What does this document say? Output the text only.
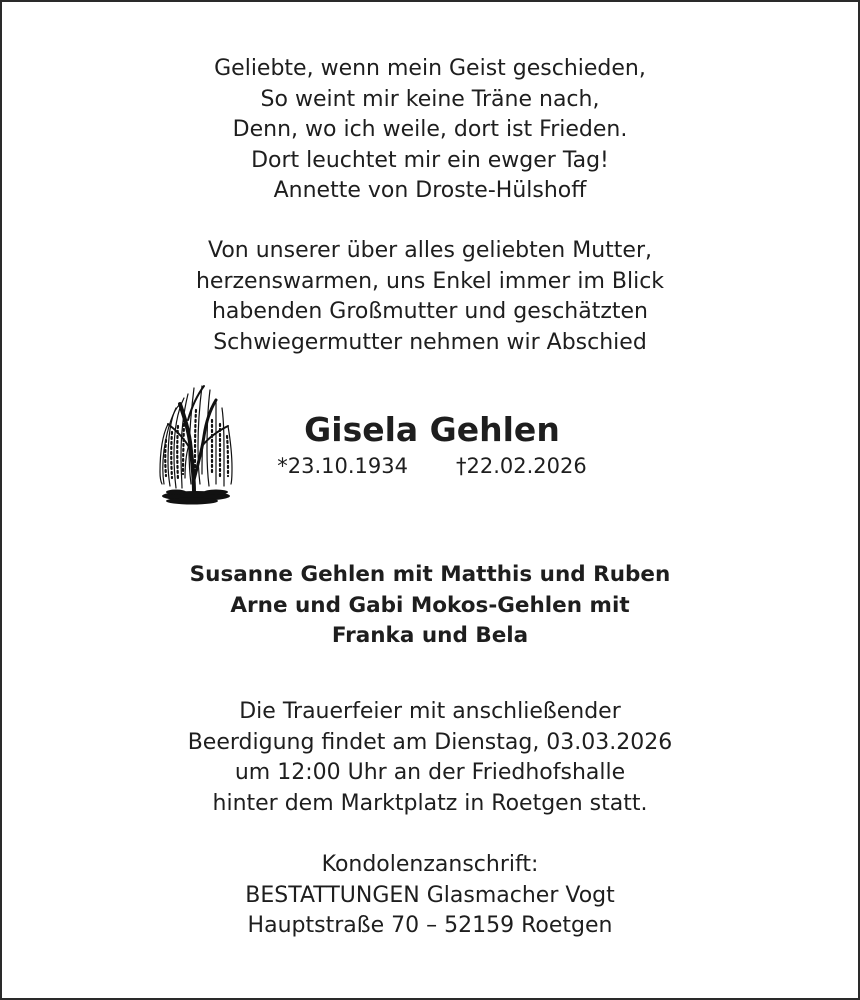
Geliebte, wenn mein Geist geschieden,
So weint mir keine Träne nach,
Denn, wo ich weile, dort ist Frieden.
Dort leuchtet mir ein ewger Tag!
Annette von Droste-Hülshoff
Von unserer über alles geliebten Mutter,
herzenswarmen, uns Enkel immer im Blick
habenden Großmutter und geschätzten
Schwiegermutter nehmen wir Abschied
Gisela Gehlen
*23.10.1934 †22.02.2026
Susanne Gehlen mit Matthis und Ruben
Arne und Gabi Mokos-Gehlen mit
Franka und Bela
Die Trauerfeier mit anschließender
Beerdigung findet am Dienstag, 03.03.2026
um 12:00 Uhr an der Friedhofshalle
hinter dem Marktplatz in Roetgen statt.
Kondolenzanschrift:
BESTATTUNGEN Glasmacher Vogt
Hauptstraße 70 – 52159 Roetgen
